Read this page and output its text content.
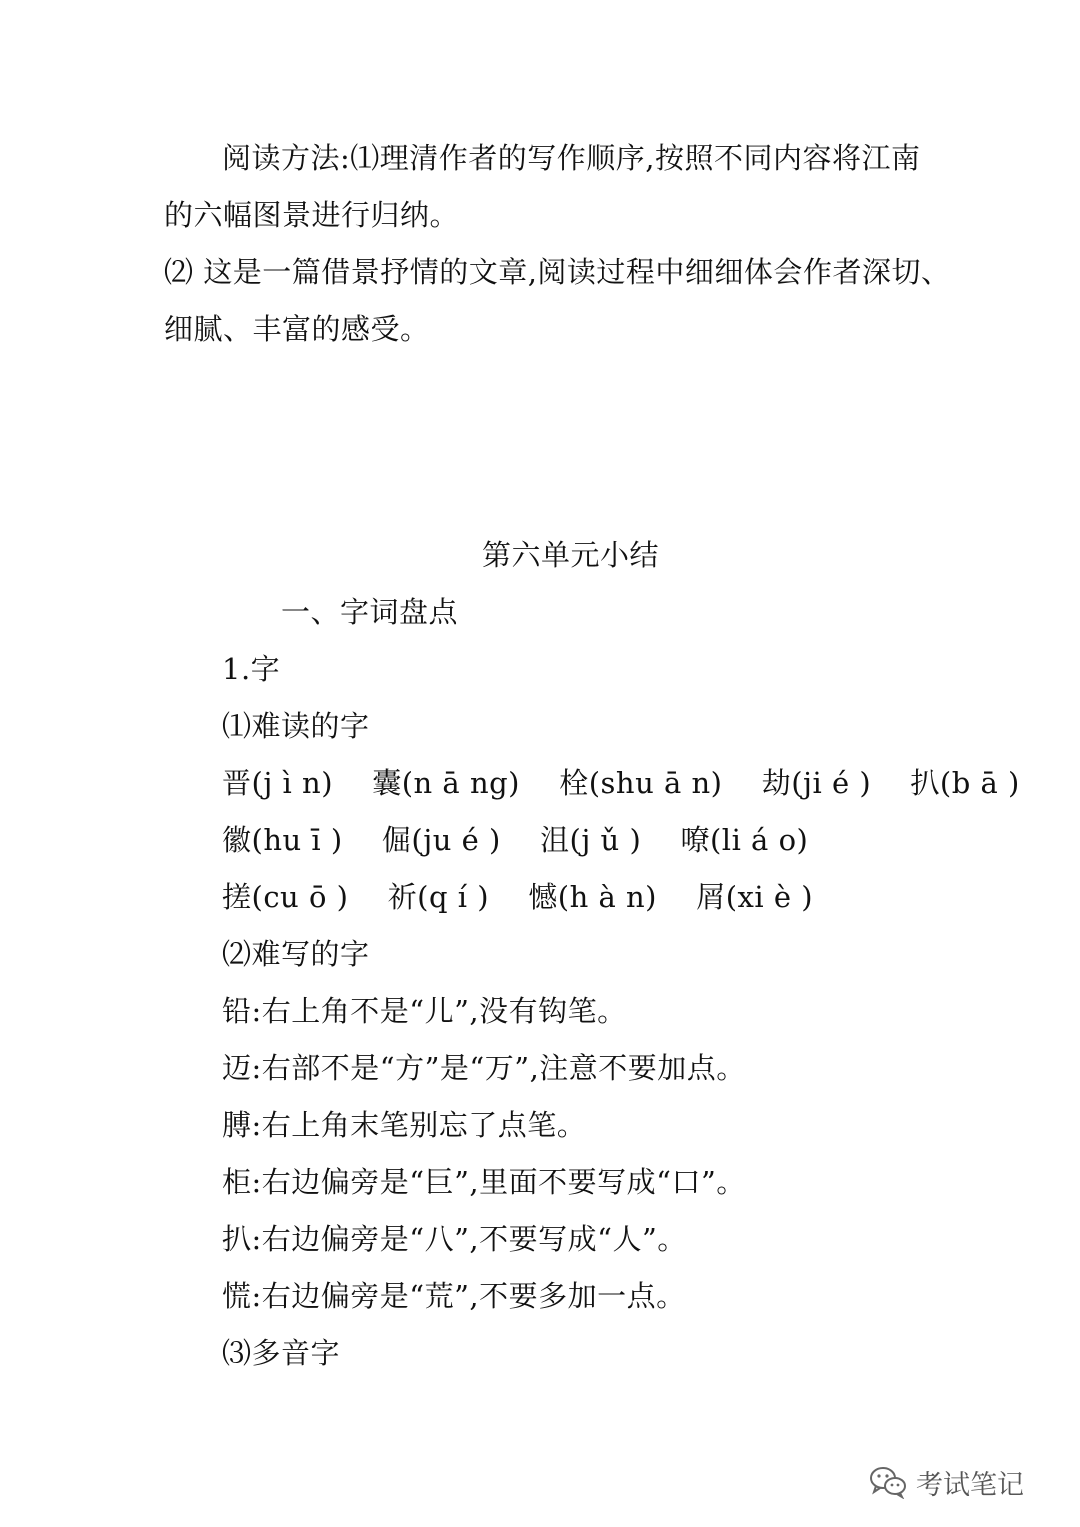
阅读方法:⑴理清作者的写作顺序,按照不同内容将江南
的六幅图景进行归纳。
⑵ 这是一篇借景抒情的文章,阅读过程中细细体会作者深切、
细腻、丰富的感受。
第六单元小结
一、字词盘点
1.字
⑴难读的字
晋(j ì n)　 囊(n ā ng)　 栓(shu ā n)　 劫(ji é )　 扒(b ā )
徽(hu ī )　 倔(ju é )　 沮(j ǔ )　 嘹(li á o)
搓(cu ō )　 祈(q í )　 憾(h à n)　 屑(xi è )
⑵难写的字
铅:右上角不是“儿”,没有钩笔。
迈:右部不是“方”是“万”,注意不要加点。
膊:右上角末笔别忘了点笔。
柜:右边偏旁是“巨”,里面不要写成“口”。
扒:右边偏旁是“八”,不要写成“人”。
慌:右边偏旁是“荒”,不要多加一点。
⑶多音字
考试笔记
